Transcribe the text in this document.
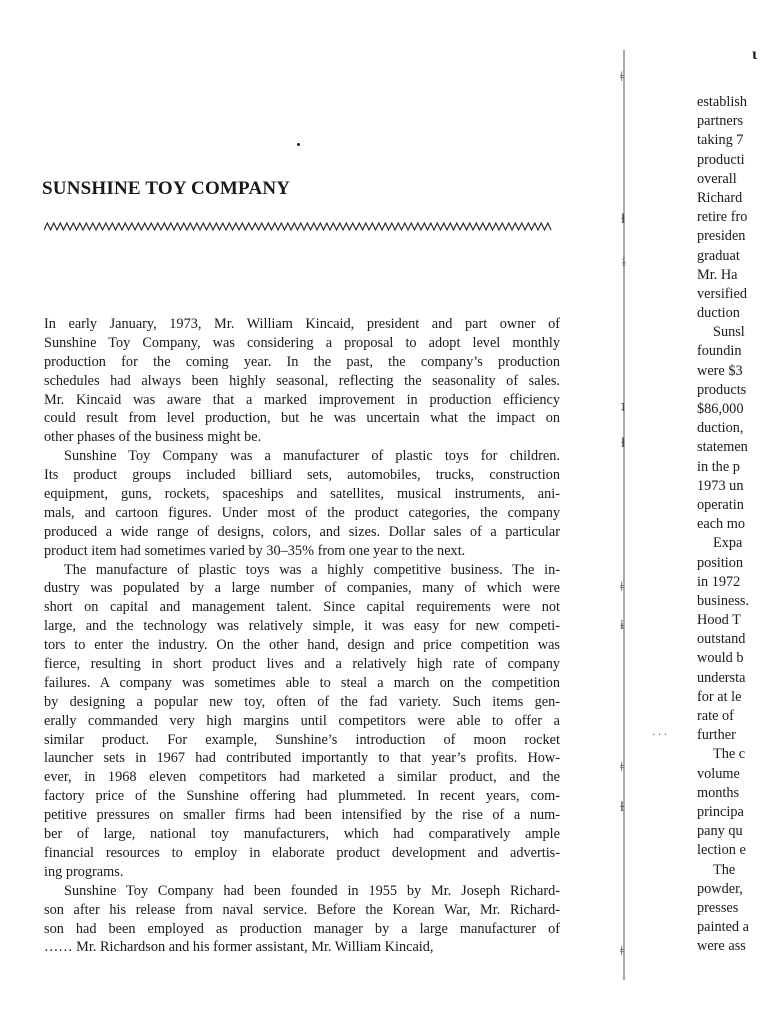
SUNSHINE TOY COMPANY
In early January, 1973, Mr. William Kincaid, president and part owner of
Sunshine Toy Company, was considering a proposal to adopt level monthly
production for the coming year. In the past, the company’s production
schedules had always been highly seasonal, reflecting the seasonality of sales.
Mr. Kincaid was aware that a marked improvement in production efficiency
could result from level production, but he was uncertain what the impact on
other phases of the business might be.
Sunshine Toy Company was a manufacturer of plastic toys for children.
Its product groups included billiard sets, automobiles, trucks, construction
equipment, guns, rockets, spaceships and satellites, musical instruments, ani-
mals, and cartoon figures. Under most of the product categories, the company
produced a wide range of designs, colors, and sizes. Dollar sales of a particular
product item had sometimes varied by 30–35% from one year to the next.
The manufacture of plastic toys was a highly competitive business. The in-
dustry was populated by a large number of companies, many of which were
short on capital and management talent. Since capital requirements were not
large, and the technology was relatively simple, it was easy for new competi-
tors to enter the industry. On the other hand, design and price competition was
fierce, resulting in short product lives and a relatively high rate of company
failures. A company was sometimes able to steal a march on the competition
by designing a popular new toy, often of the fad variety. Such items gen-
erally commanded very high margins until competitors were able to offer a
similar product. For example, Sunshine’s introduction of moon rocket
launcher sets in 1967 had contributed importantly to that year’s profits. How-
ever, in 1968 eleven competitors had marketed a similar product, and the
factory price of the Sunshine offering had plummeted. In recent years, com-
petitive pressures on smaller firms had been intensified by the rise of a num-
ber of large, national toy manufacturers, which had comparatively ample
financial resources to employ in elaborate product development and advertis-
ing programs.
Sunshine Toy Company had been founded in 1955 by Mr. Joseph Richard-
son after his release from naval service. Before the Korean War, Mr. Richard-
son had been employed as production manager by a large manufacturer of
…… Mr. Richardson and his former assistant, Mr. William Kincaid,
ǂ
ɫ
ɨ
ʇ
ɫ
ǂ
ɨ
ǂ
ɫ
ǂ
· · ·
ɩ
establish
partners
taking 7
producti
overall
Richard
retire fro
presiden
graduat
Mr. Ha
versified
duction
Sunsl
foundin
were $3
products
$86,000
duction,
statemen
in the p
1973 un
operatin
each mo
Expa
position
in 1972
business.
Hood T
outstand
would b
understa
for at le
rate of
further
The c
volume
months
principa
pany qu
lection e
The
powder,
presses
painted a
were ass
